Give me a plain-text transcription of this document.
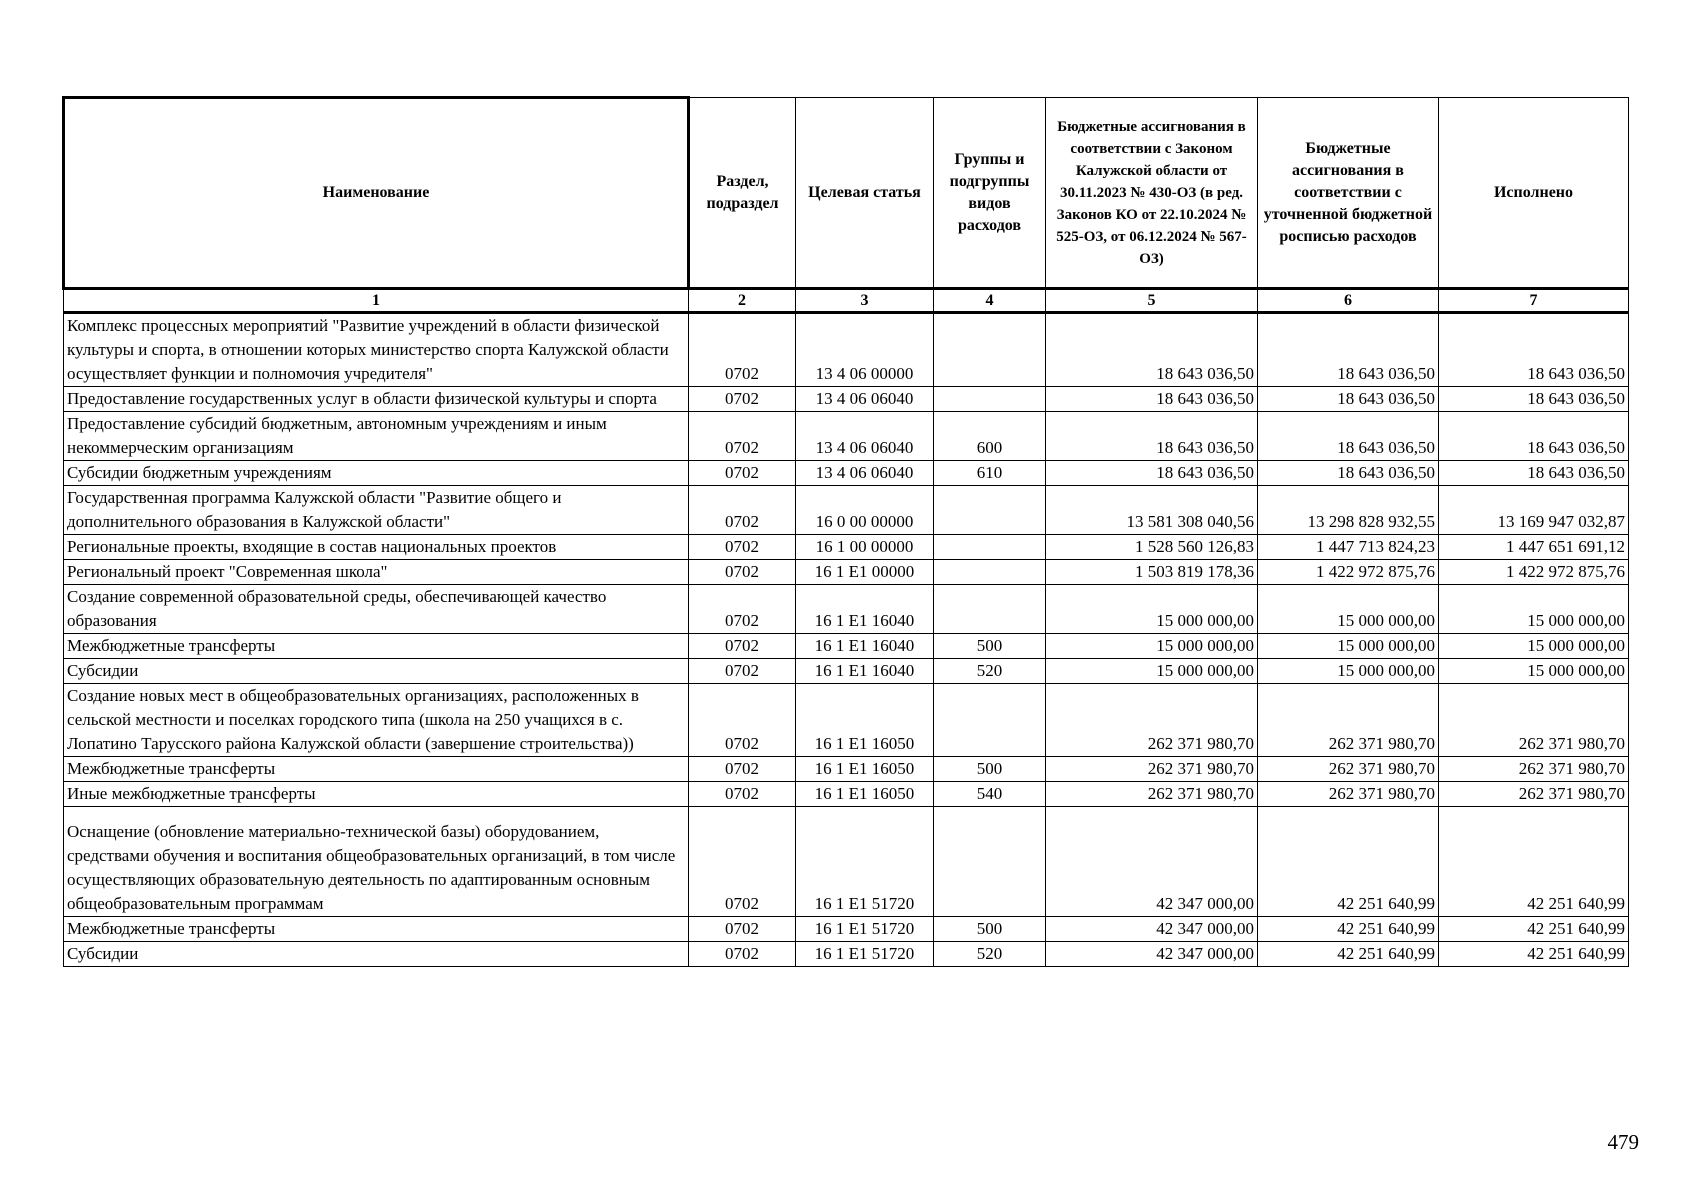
Наименование	Раздел, подраздел	Целевая статья	Группы и подгруппы видов расходов	Бюджетные ассигнования в соответствии с Законом Калужской области от 30.11.2023 № 430-ОЗ (в ред. Законов КО от 22.10.2024 № 525-ОЗ, от 06.12.2024 № 567-ОЗ)	Бюджетные ассигнования в соответствии с уточненной бюджетной росписью расходов	Исполнено
1	2	3	4	5	6	7
Комплекс процессных мероприятий "Развитие учреждений в области физической культуры и спорта, в отношении которых министерство спорта Калужской области осуществляет функции и полномочия учредителя"	0702	13 4 06 00000		18 643 036,50	18 643 036,50	18 643 036,50
Предоставление государственных услуг в области физической культуры и спорта	0702	13 4 06 06040		18 643 036,50	18 643 036,50	18 643 036,50
Предоставление субсидий бюджетным, автономным учреждениям и иным некоммерческим организациям	0702	13 4 06 06040	600	18 643 036,50	18 643 036,50	18 643 036,50
Субсидии бюджетным учреждениям	0702	13 4 06 06040	610	18 643 036,50	18 643 036,50	18 643 036,50
Государственная программа Калужской области "Развитие общего и дополнительного образования в Калужской области"	0702	16 0 00 00000		13 581 308 040,56	13 298 828 932,55	13 169 947 032,87
Региональные проекты, входящие в состав национальных проектов	0702	16 1 00 00000		1 528 560 126,83	1 447 713 824,23	1 447 651 691,12
Региональный проект "Современная школа"	0702	16 1 E1 00000		1 503 819 178,36	1 422 972 875,76	1 422 972 875,76
Создание современной образовательной среды, обеспечивающей качество образования	0702	16 1 E1 16040		15 000 000,00	15 000 000,00	15 000 000,00
Межбюджетные трансферты	0702	16 1 E1 16040	500	15 000 000,00	15 000 000,00	15 000 000,00
Субсидии	0702	16 1 E1 16040	520	15 000 000,00	15 000 000,00	15 000 000,00
Создание новых мест в общеобразовательных организациях, расположенных в сельской местности и поселках городского типа (школа на 250 учащихся в с. Лопатино Тарусского района Калужской области (завершение строительства))	0702	16 1 E1 16050		262 371 980,70	262 371 980,70	262 371 980,70
Межбюджетные трансферты	0702	16 1 E1 16050	500	262 371 980,70	262 371 980,70	262 371 980,70
Иные межбюджетные трансферты	0702	16 1 E1 16050	540	262 371 980,70	262 371 980,70	262 371 980,70
Оснащение (обновление материально-технической базы) оборудованием, средствами обучения и воспитания общеобразовательных организаций, в том числе осуществляющих образовательную деятельность по адаптированным основным общеобразовательным программам	0702	16 1 E1 51720		42 347 000,00	42 251 640,99	42 251 640,99
Межбюджетные трансферты	0702	16 1 E1 51720	500	42 347 000,00	42 251 640,99	42 251 640,99
Субсидии	0702	16 1 E1 51720	520	42 347 000,00	42 251 640,99	42 251 640,99
479
